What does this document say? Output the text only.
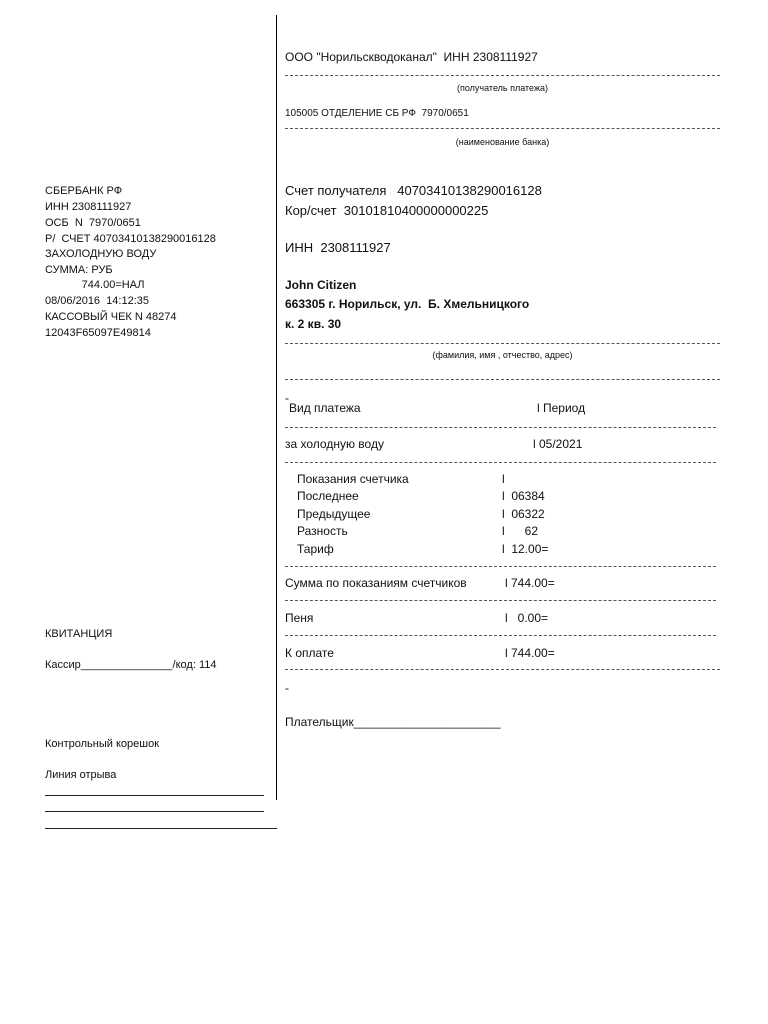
СБЕРБАНК РФ
ИНН 2308111927
ОСБ  N  7970/0651
Р/  СЧЕТ 40703410138290016128
ЗАХОЛОДНУЮ ВОДУ
СУММА: РУБ
744.00=НАЛ
08/06/2016  14:12:35
КАССОВЫЙ ЧЕК N 48274
12043F65097E49814
КВИТАНЦИЯ
Кассир_______________/код: 114
Контрольный корешок
Линия отрыва
ООО "Норильскводоканал"  ИНН 2308111927
(получатель платежа)
105005 ОТДЕЛЕНИЕ СБ РФ  7970/0651
(наименование банка)
Счет получателя   40703410138290016128
Кор/счет  30101810400000000225
ИНН  2308111927
John Citizen
663305 г. Норильск, ул.  Б. Хмельницкого
к. 2 кв. 30
(фамилия, имя , отчество, адрес)
-
Вид платежа	l Период
за холодную воду	l 05/2021
Показания счетчика	l
Последнее	l  06384
Предыдущее	l  06322
Разность	l      62
Тариф	l  12.00=
Сумма по показаниям счетчиков	l 744.00=
Пеня	l   0.00=
К оплате	l 744.00=
-
Плательщик______________________
